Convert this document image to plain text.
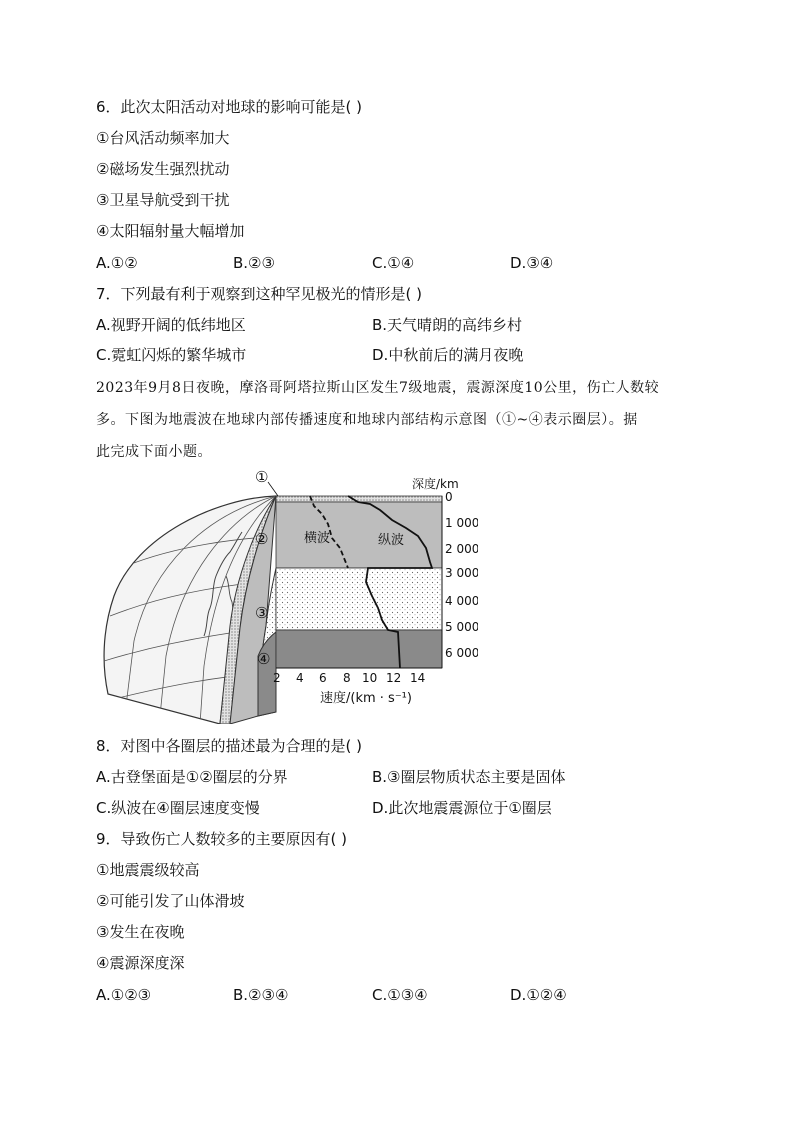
6．此次太阳活动对地球的影响可能是( )
①台风活动频率加大
②磁场发生强烈扰动
③卫星导航受到干扰
④太阳辐射量大幅增加
A.①②	B.②③	C.①④	D.③④
7．下列最有利于观察到这种罕见极光的情形是( )
A.视野开阔的低纬地区	B.天气晴朗的高纬乡村
C.霓虹闪烁的繁华城市	D.中秋前后的满月夜晚
2023年9月8日夜晚，摩洛哥阿塔拉斯山区发生7级地震，震源深度10公里，伤亡人数较
多。下图为地震波在地球内部传播速度和地球内部结构示意图（①~④表示圈层）。据
此完成下面小题。
横波	纵波
①
②
③
④
深度/km
0
1 000
2 000
3 000
4 000
5 000
6 000
2 4 6 8 10 12 14
速度/(km · s⁻¹)
8．对图中各圈层的描述最为合理的是( )
A.古登堡面是①②圈层的分界	B.③圈层物质状态主要是固体
C.纵波在④圈层速度变慢	D.此次地震震源位于①圈层
9．导致伤亡人数较多的主要原因有( )
①地震震级较高
②可能引发了山体滑坡
③发生在夜晚
④震源深度深
A.①②③	B.②③④	C.①③④	D.①②④
